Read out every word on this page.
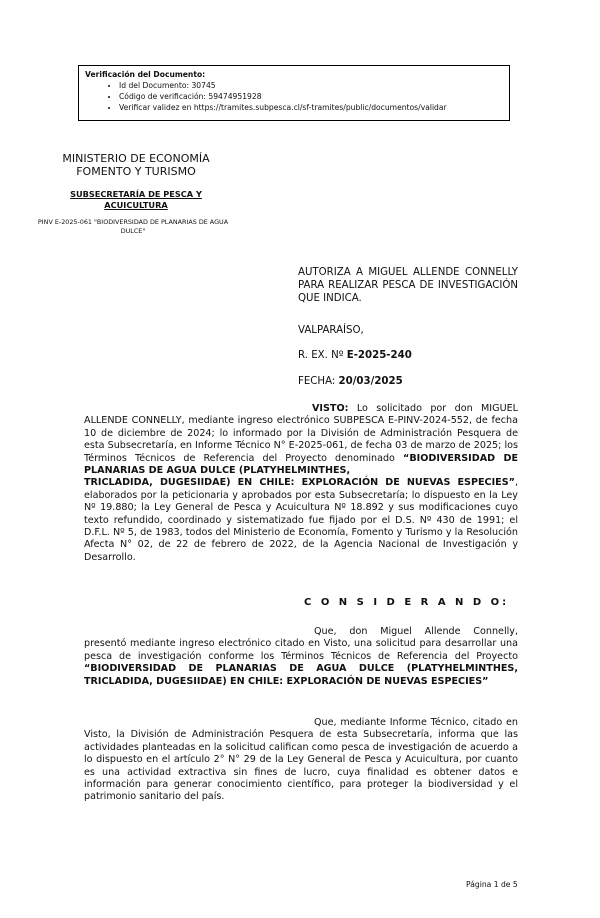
Verificación del Documento:
• Id del Documento: 30745
• Código de verificación: 59474951928
• Verificar validez en https://tramites.subpesca.cl/sf-tramites/public/documentos/validar
MINISTERIO DE ECONOMÍA FOMENTO Y TURISMO
SUBSECRETARÍA DE PESCA Y ACUICULTURA
PINV E-2025-061 "BIODIVERSIDAD DE PLANARIAS DE AGUA DULCE"
AUTORIZA A MIGUEL ALLENDE CONNELLY PARA REALIZAR PESCA DE INVESTIGACIÓN QUE INDICA.
VALPARAÍSO,
R. EX. Nº E-2025-240
FECHA: 20/03/2025
VISTO: Lo solicitado por don MIGUEL ALLENDE CONNELLY, mediante ingreso electrónico SUBPESCA E-PINV-2024-552, de fecha 10 de diciembre de 2024; lo informado por la División de Administración Pesquera de esta Subsecretaría, en Informe Técnico N° E-2025-061, de fecha 03 de marzo de 2025; los Términos Técnicos de Referencia del Proyecto denominado “BIODIVERSIDAD DE PLANARIAS DE AGUA DULCE (PLATYHELMINTHES,
TRICLADIDA, DUGESIIDAE) EN CHILE: EXPLORACIÓN DE NUEVAS ESPECIES”, elaborados por la peticionaria y aprobados por esta Subsecretaría; lo dispuesto en la Ley Nº 19.880; la Ley General de Pesca y Acuicultura Nº 18.892 y sus modificaciones cuyo texto refundido, coordinado y sistematizado fue fijado por el D.S. Nº 430 de 1991; el D.F.L. Nº 5, de 1983, todos del Ministerio de Economía, Fomento y Turismo y la Resolución Afecta N° 02, de 22 de febrero de 2022, de la Agencia Nacional de Investigación y Desarrollo.
C O N S I D E R A N D O:
Que, don Miguel Allende Connelly, presentó mediante ingreso electrónico citado en Visto, una solicitud para desarrollar una pesca de investigación conforme los Términos Técnicos de Referencia del Proyecto “BIODIVERSIDAD DE PLANARIAS DE AGUA DULCE (PLATYHELMINTHES, TRICLADIDA, DUGESIIDAE) EN CHILE: EXPLORACIÓN DE NUEVAS ESPECIES”
Que, mediante Informe Técnico, citado en Visto, la División de Administración Pesquera de esta Subsecretaría, informa que las actividades planteadas en la solicitud califican como pesca de investigación de acuerdo a lo dispuesto en el artículo 2° N° 29 de la Ley General de Pesca y Acuicultura, por cuanto es una actividad extractiva sin fines de lucro, cuya finalidad es obtener datos e información para generar conocimiento científico, para proteger la biodiversidad y el patrimonio sanitario del país.
Página 1 de 5
